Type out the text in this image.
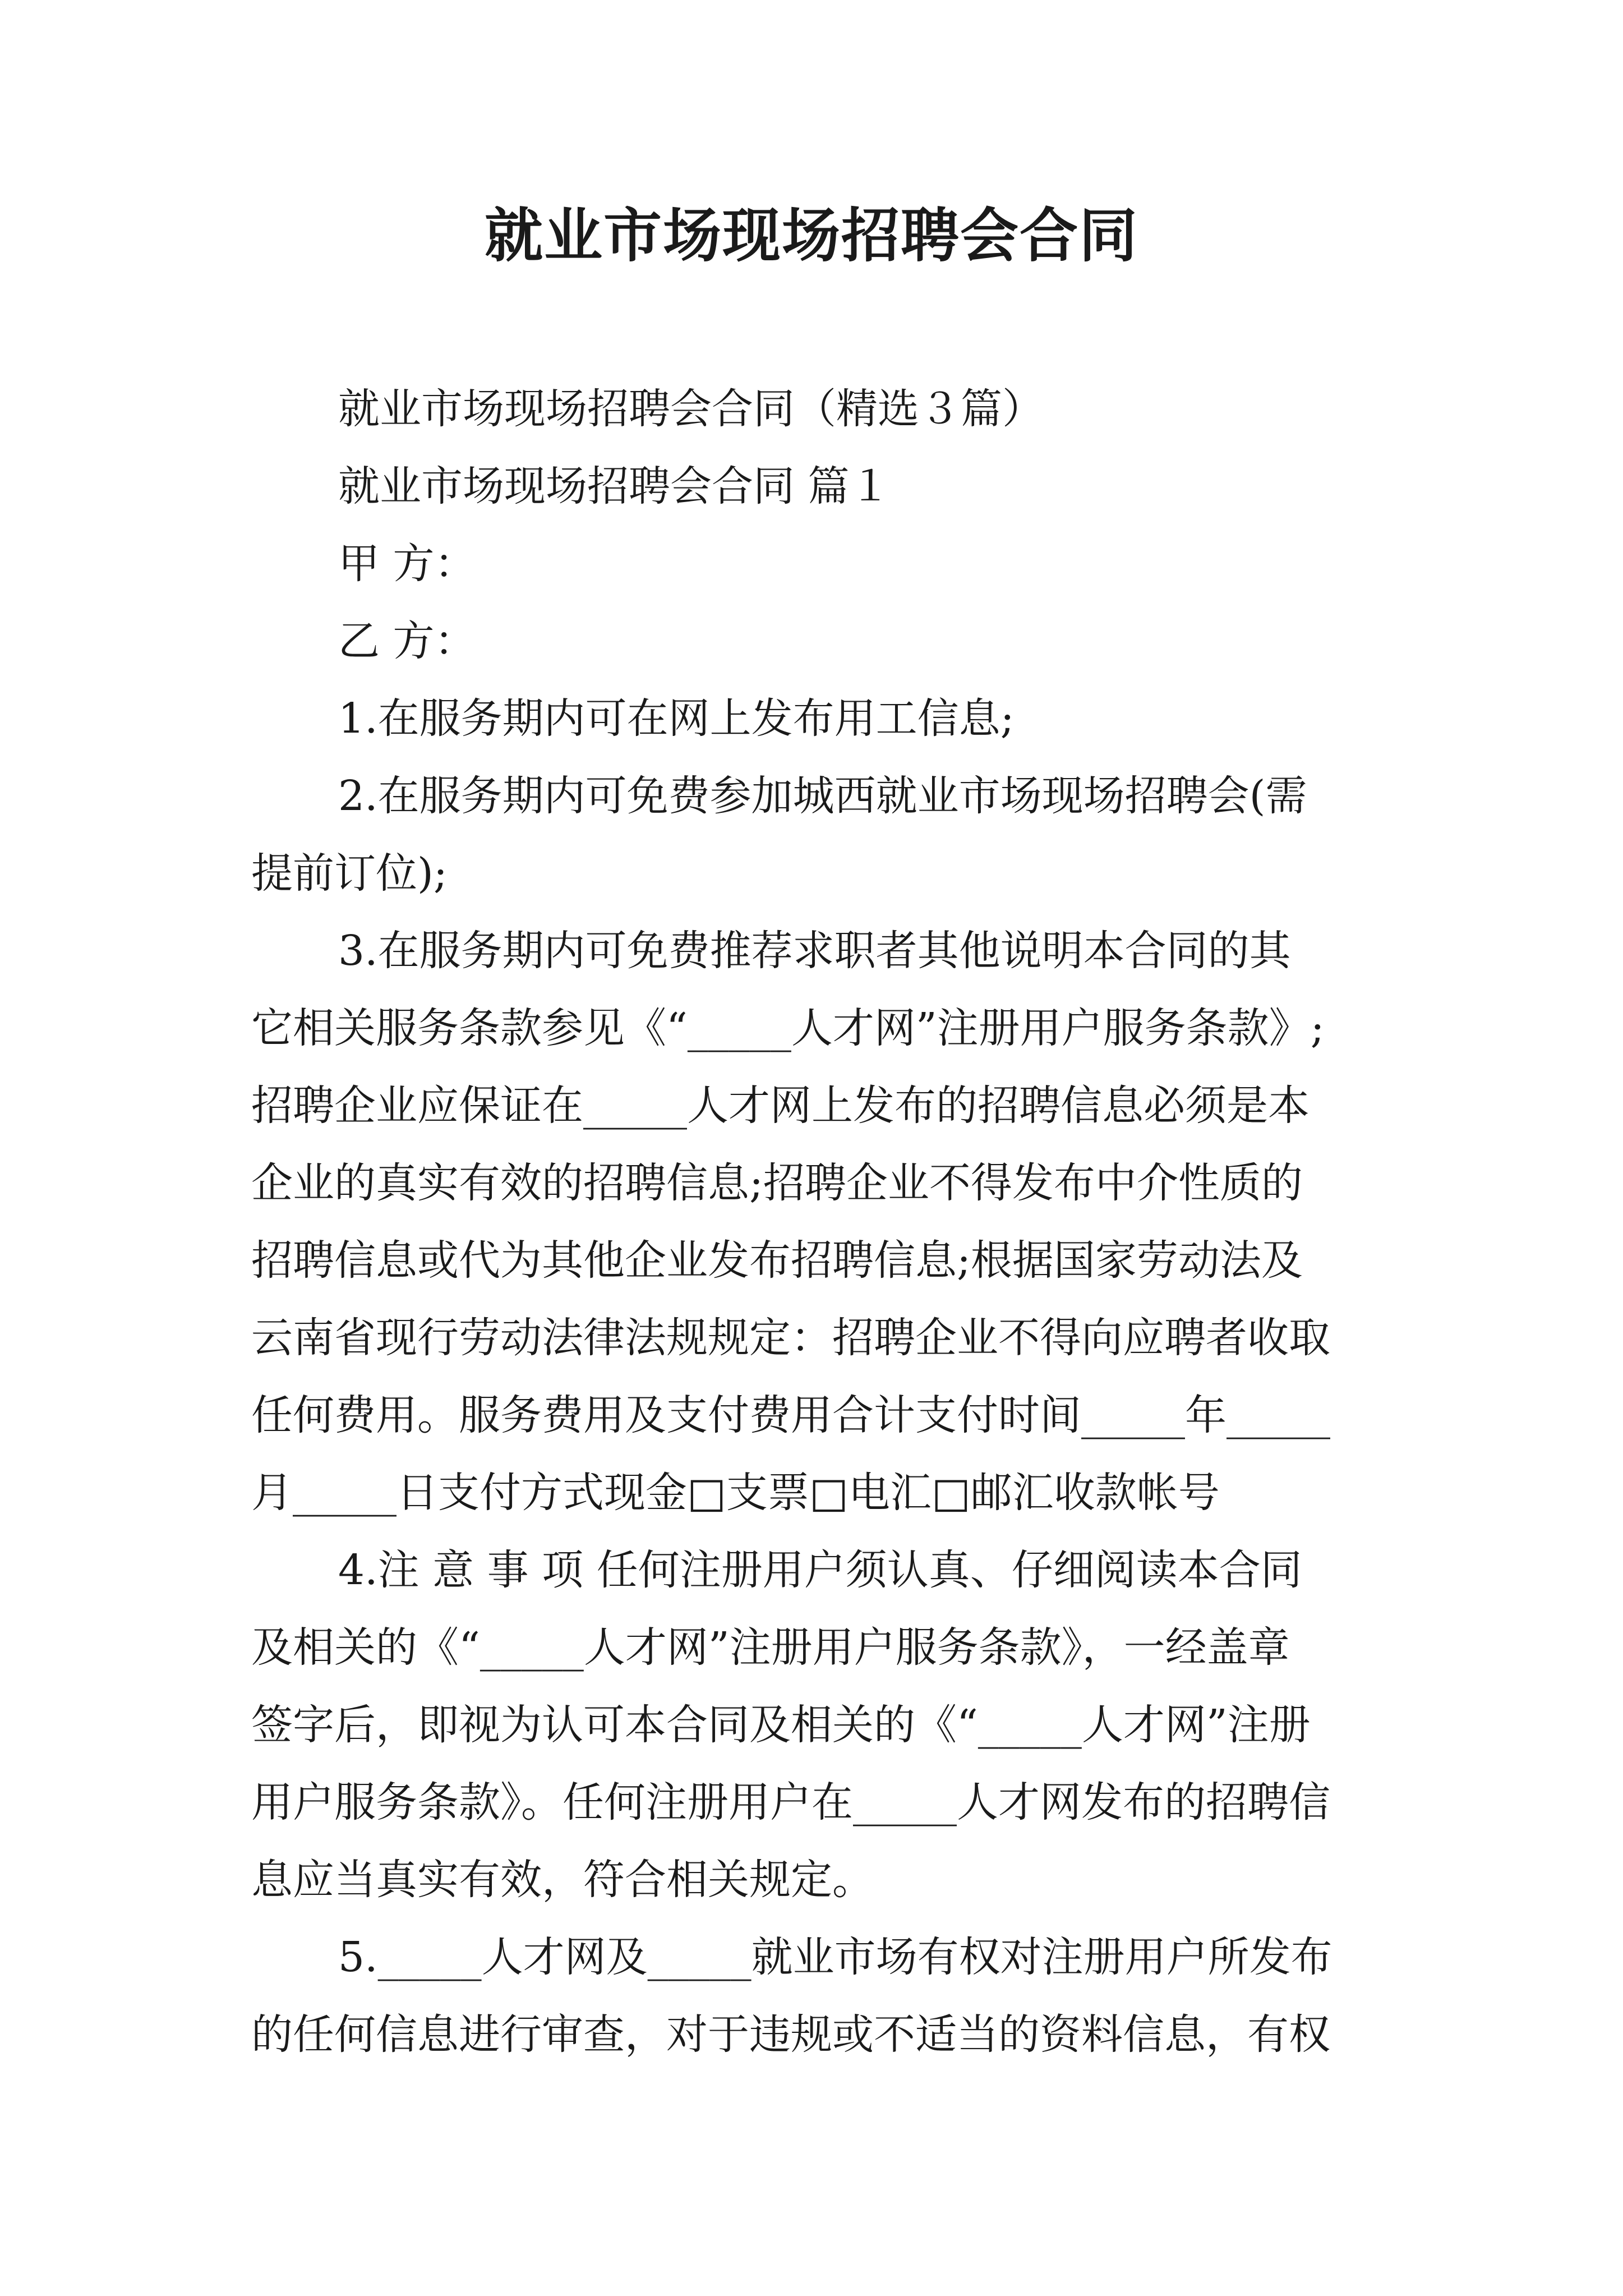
就业市场现场招聘会合同
就业市场现场招聘会合同（精选３篇）
就业市场现场招聘会合同 篇１
甲 方：
乙 方：
1.在服务期内可在网上发布用工信息;
2.在服务期内可免费参加城西就业市场现场招聘会(需
提前订位);
3.在服务期内可免费推荐求职者其他说明本合同的其
它相关服务条款参见《“_____人才网”注册用户服务条款》;
招聘企业应保证在_____人才网上发布的招聘信息必须是本
企业的真实有效的招聘信息;招聘企业不得发布中介性质的
招聘信息或代为其他企业发布招聘信息;根据国家劳动法及
云南省现行劳动法律法规规定：招聘企业不得向应聘者收取
任何费用。服务费用及支付费用合计支付时间_____年_____
月_____日支付方式现金□支票□电汇□邮汇收款帐号
4.注 意 事 项 任何注册用户须认真、仔细阅读本合同
及相关的《“_____人才网”注册用户服务条款》，一经盖章
签字后，即视为认可本合同及相关的《“_____人才网”注册
用户服务条款》。任何注册用户在_____人才网发布的招聘信
息应当真实有效，符合相关规定。
5._____人才网及_____就业市场有权对注册用户所发布
的任何信息进行审查，对于违规或不适当的资料信息，有权
